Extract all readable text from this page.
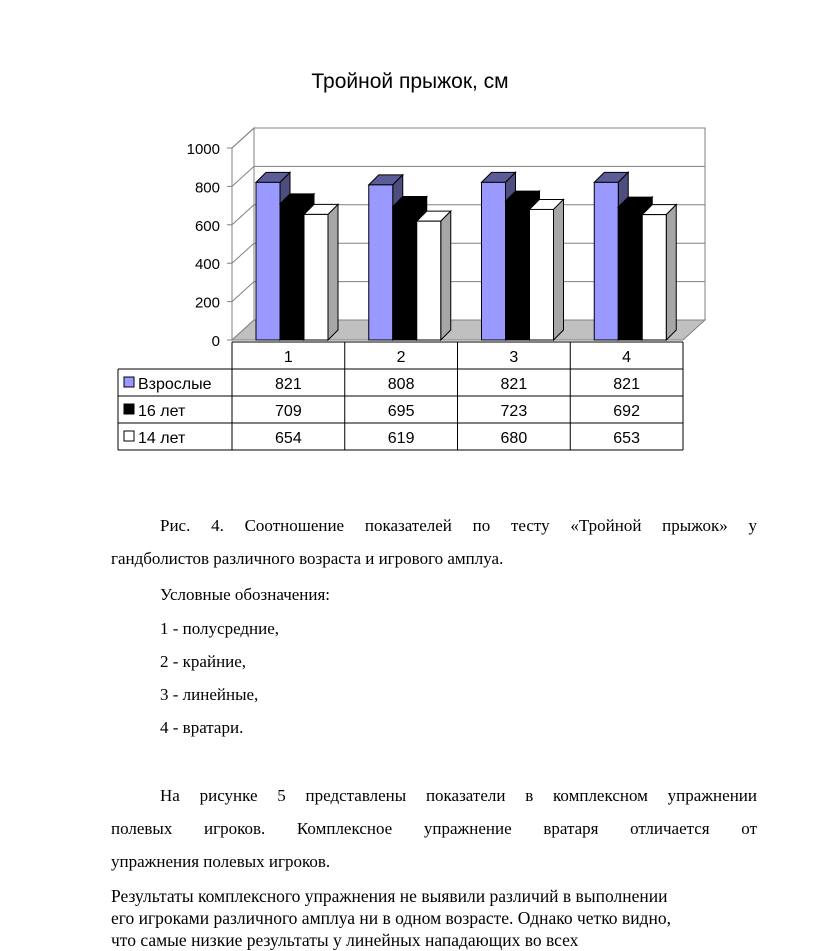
Тройной прыжок, см
0
200
400
600
800
1000
1	2	3	4
Взрослые	821	808	821	821
16 лет	709	695	723	692
14 лет	654	619	680	653

Рис. 4. Соотношение показателей по тесту «Тройной прыжок» у

гандболистов различного возраста и игрового амплуа.

Условные обозначения:

1 - полусредние,

2 - крайние,

3 - линейные,

4 - вратари.

На рисунке 5 представлены показатели в комплексном упражнении

полевых игроков. Комплексное упражнение вратаря отличается от

упражнения полевых игроков.

Результаты комплексного упражнения не выявили различий в выполнении

его игроками различного амплуа ни в одном возрасте. Однако четко видно,

что самые низкие результаты у линейных нападающих во всех
